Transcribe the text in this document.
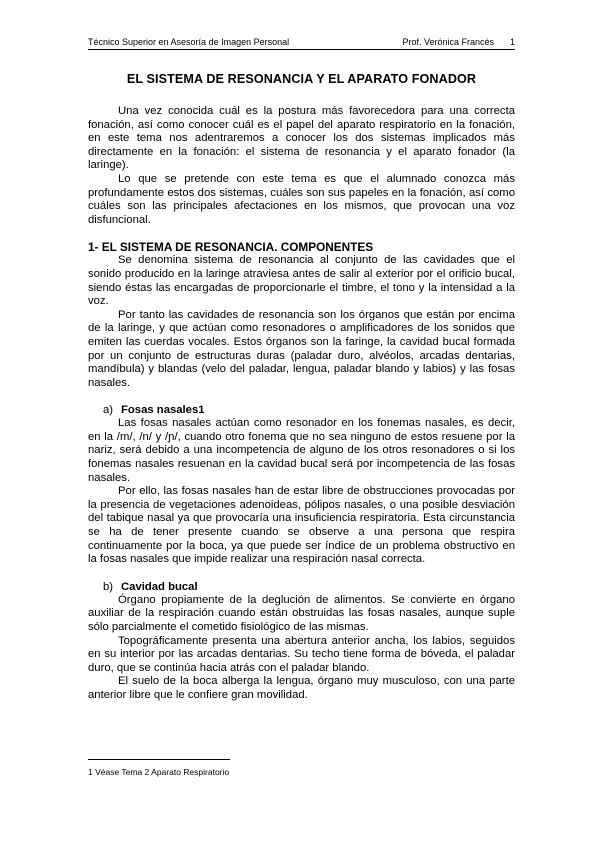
Técnico Superior en Asesoría de Imagen Personal	Prof. Verónica Francés 1
EL SISTEMA DE RESONANCIA Y EL APARATO FONADOR

Una vez conocida cuál es la postura más favorecedora para una correcta fonación, así como conocer cuál es el papel del aparato respiratorio en la fonación, en este tema nos adentraremos a conocer los dos sistemas implicados más directamente en la fonación: el sistema de resonancia y el aparato fonador (la laringe).

Lo que se pretende con este tema es que el alumnado conozca más profundamente estos dos sistemas, cuáles son sus papeles en la fonación, así como cuáles son las principales afectaciones en los mismos, que provocan una voz disfuncional.

1- EL SISTEMA DE RESONANCIA. COMPONENTES

Se denomina sistema de resonancia al conjunto de las cavidades que el sonido producido en la laringe atraviesa antes de salir al exterior por el orificio bucal, siendo éstas las encargadas de proporcionarle el timbre, el tono y la intensidad a la voz.

Por tanto las cavidades de resonancia son los órganos que están por encima de la laringe, y que actúan como resonadores o amplificadores de los sonidos que emiten las cuerdas vocales. Estos órganos son la faringe, la cavidad bucal formada por un conjunto de estructuras duras (paladar duro, alvéolos, arcadas dentarias, mandíbula) y blandas (velo del paladar, lengua, paladar blando y labios) y las fosas nasales.

a) Fosas nasales1

Las fosas nasales actúan como resonador en los fonemas nasales, es decir, en la /m/, /n/ y /ɲ/, cuando otro fonema que no sea ninguno de estos resuene por la nariz, será debido a una incompetencia de alguno de los otros resonadores o si los fonemas nasales resuenan en la cavidad bucal será por incompetencia de las fosas nasales.

Por ello, las fosas nasales han de estar libre de obstrucciones provocadas por la presencia de vegetaciones adenoideas, pólipos nasales, o una posible desviación del tabique nasal ya que provocaría una insuficiencia respiratoria. Esta circunstancia se ha de tener presente cuando se observe a una persona que respira continuamente por la boca, ya que puede ser índice de un problema obstructivo en la fosas nasales que impide realizar una respiración nasal correcta.

b) Cavidad bucal

Órgano propiamente de la deglución de alimentos. Se convierte en órgano auxiliar de la respiración cuando están obstruidas las fosas nasales, aunque suple sólo parcialmente el cometido fisiológico de las mismas.

Topográficamente presenta una abertura anterior ancha, los labios, seguidos en su interior por las arcadas dentarias. Su techo tiene forma de bóveda, el paladar duro, que se continúa hacia atrás con el paladar blando.

El suelo de la boca alberga la lengua, órgano muy musculoso, con una parte anterior libre que le confiere gran movilidad.

1 Véase Tema 2 Aparato Respiratorio
